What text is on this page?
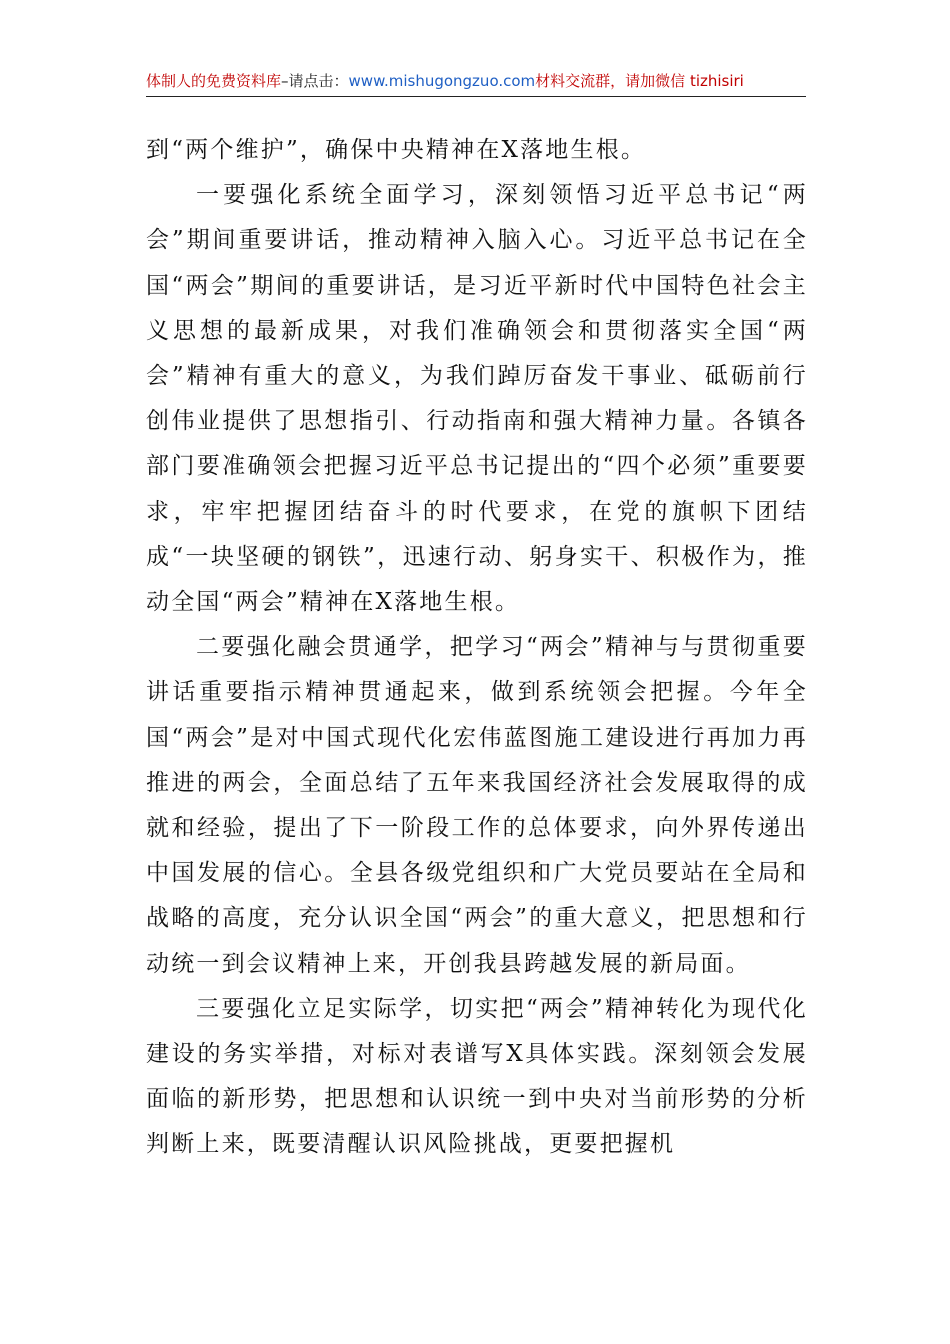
体制人的免费资料库–请点击：www.mishugongzuo.com材料交流群，请加微信 tizhisiri

到“两个维护”，确保中央精神在X落地生根。

一要强化系统全面学习，深刻领悟习近平总书记“两会”期间重要讲话，推动精神入脑入心。习近平总书记在全国“两会”期间的重要讲话，是习近平新时代中国特色社会主义思想的最新成果，对我们准确领会和贯彻落实全国“两会”精神有重大的意义，为我们踔厉奋发干事业、砥砺前行创伟业提供了思想指引、行动指南和强大精神力量。各镇各部门要准确领会把握习近平总书记提出的“四个必须”重要要求，牢牢把握团结奋斗的时代要求，在党的旗帜下团结成“一块坚硬的钢铁”，迅速行动、躬身实干、积极作为，推动全国“两会”精神在X落地生根。

二要强化融会贯通学，把学习“两会”精神与与贯彻重要讲话重要指示精神贯通起来，做到系统领会把握。今年全国“两会”是对中国式现代化宏伟蓝图施工建设进行再加力再推进的两会，全面总结了五年来我国经济社会发展取得的成就和经验，提出了下一阶段工作的总体要求，向外界传递出中国发展的信心。全县各级党组织和广大党员要站在全局和战略的高度，充分认识全国“两会”的重大意义，把思想和行动统一到会议精神上来，开创我县跨越发展的新局面。

三要强化立足实际学，切实把“两会”精神转化为现代化建设的务实举措，对标对表谱写X具体实践。深刻领会发展面临的新形势，把思想和认识统一到中央对当前形势的分析判断上来，既要清醒认识风险挑战，更要把握机
